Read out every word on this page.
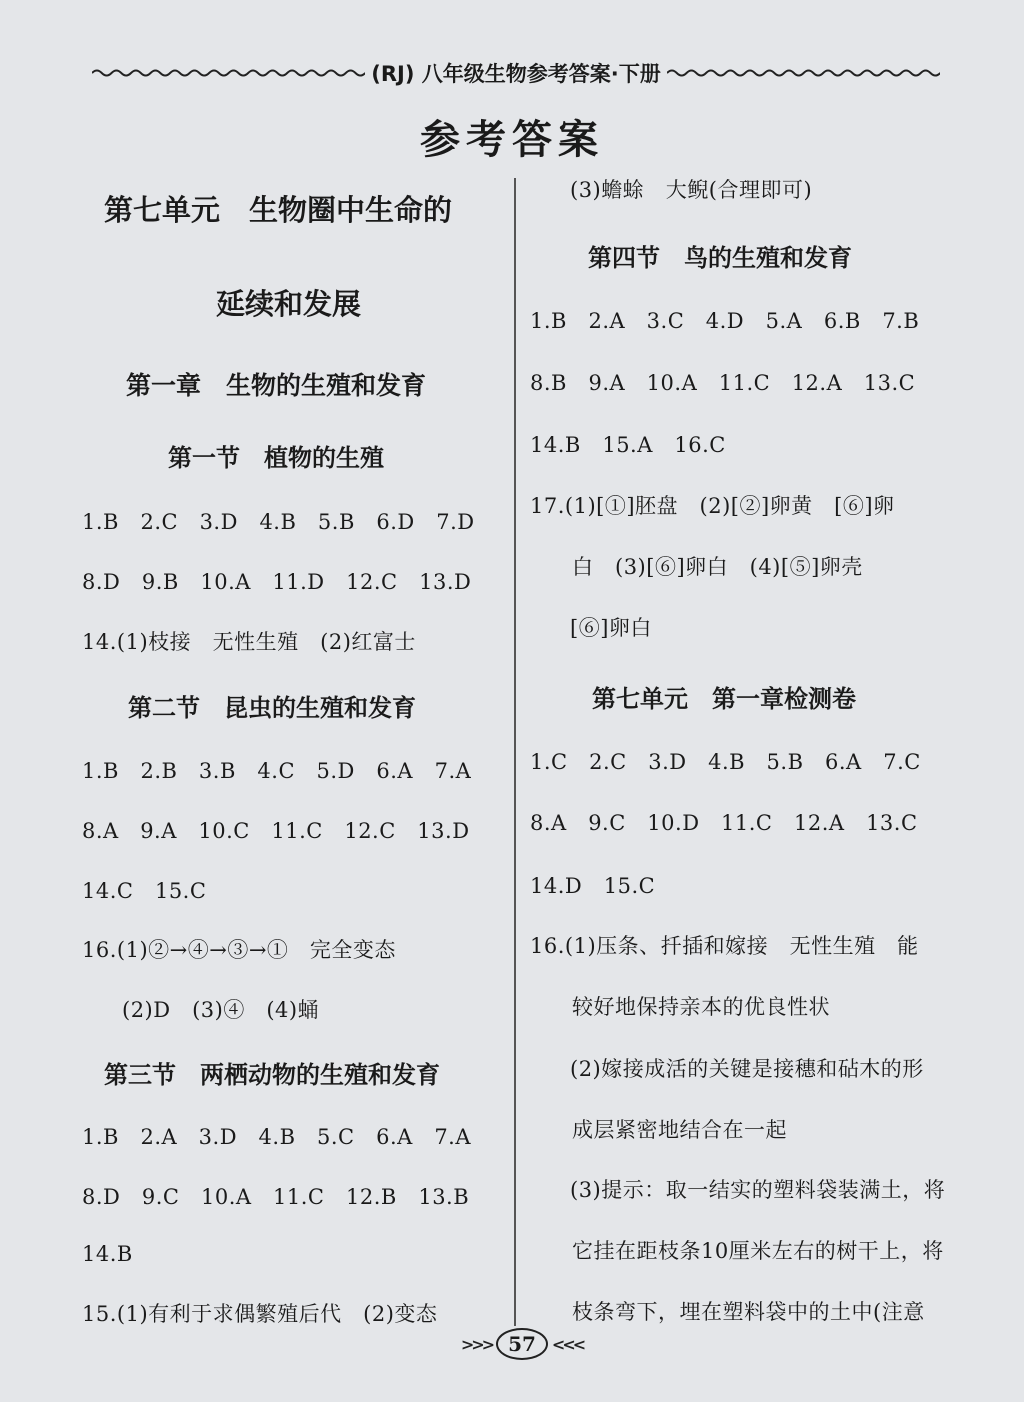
(RJ) 八年级生物参考答案·下册
参考答案
第七单元　生物圈中生命的
延续和发展
第一章　生物的生殖和发育
第一节　植物的生殖
1.B　2.C　3.D　4.B　5.B　6.D　7.D
8.D　9.B　10.A　11.D　12.C　13.D
14.(1)枝接　无性生殖　(2)红富士
第二节　昆虫的生殖和发育
1.B　2.B　3.B　4.C　5.D　6.A　7.A
8.A　9.A　10.C　11.C　12.C　13.D
14.C　15.C
16.(1)②→④→③→①　完全变态
(2)D　(3)④　(4)蛹
第三节　两栖动物的生殖和发育
1.B　2.A　3.D　4.B　5.C　6.A　7.A
8.D　9.C　10.A　11.C　12.B　13.B
14.B
15.(1)有利于求偶繁殖后代　(2)变态
(3)蟾蜍　大鲵(合理即可)
第四节　鸟的生殖和发育
1.B　2.A　3.C　4.D　5.A　6.B　7.B
8.B　9.A　10.A　11.C　12.A　13.C
14.B　15.A　16.C
17.(1)[①]胚盘　(2)[②]卵黄　[⑥]卵
白　(3)[⑥]卵白　(4)[⑤]卵壳
[⑥]卵白
第七单元　第一章检测卷
1.C　2.C　3.D　4.B　5.B　6.A　7.C
8.A　9.C　10.D　11.C　12.A　13.C
14.D　15.C
16.(1)压条、扦插和嫁接　无性生殖　能
较好地保持亲本的优良性状
(2)嫁接成活的关键是接穗和砧木的形
成层紧密地结合在一起
(3)提示：取一结实的塑料袋装满土，将
它挂在距枝条10厘米左右的树干上，将
枝条弯下，埋在塑料袋中的土中(注意
>>> 57	<<<
